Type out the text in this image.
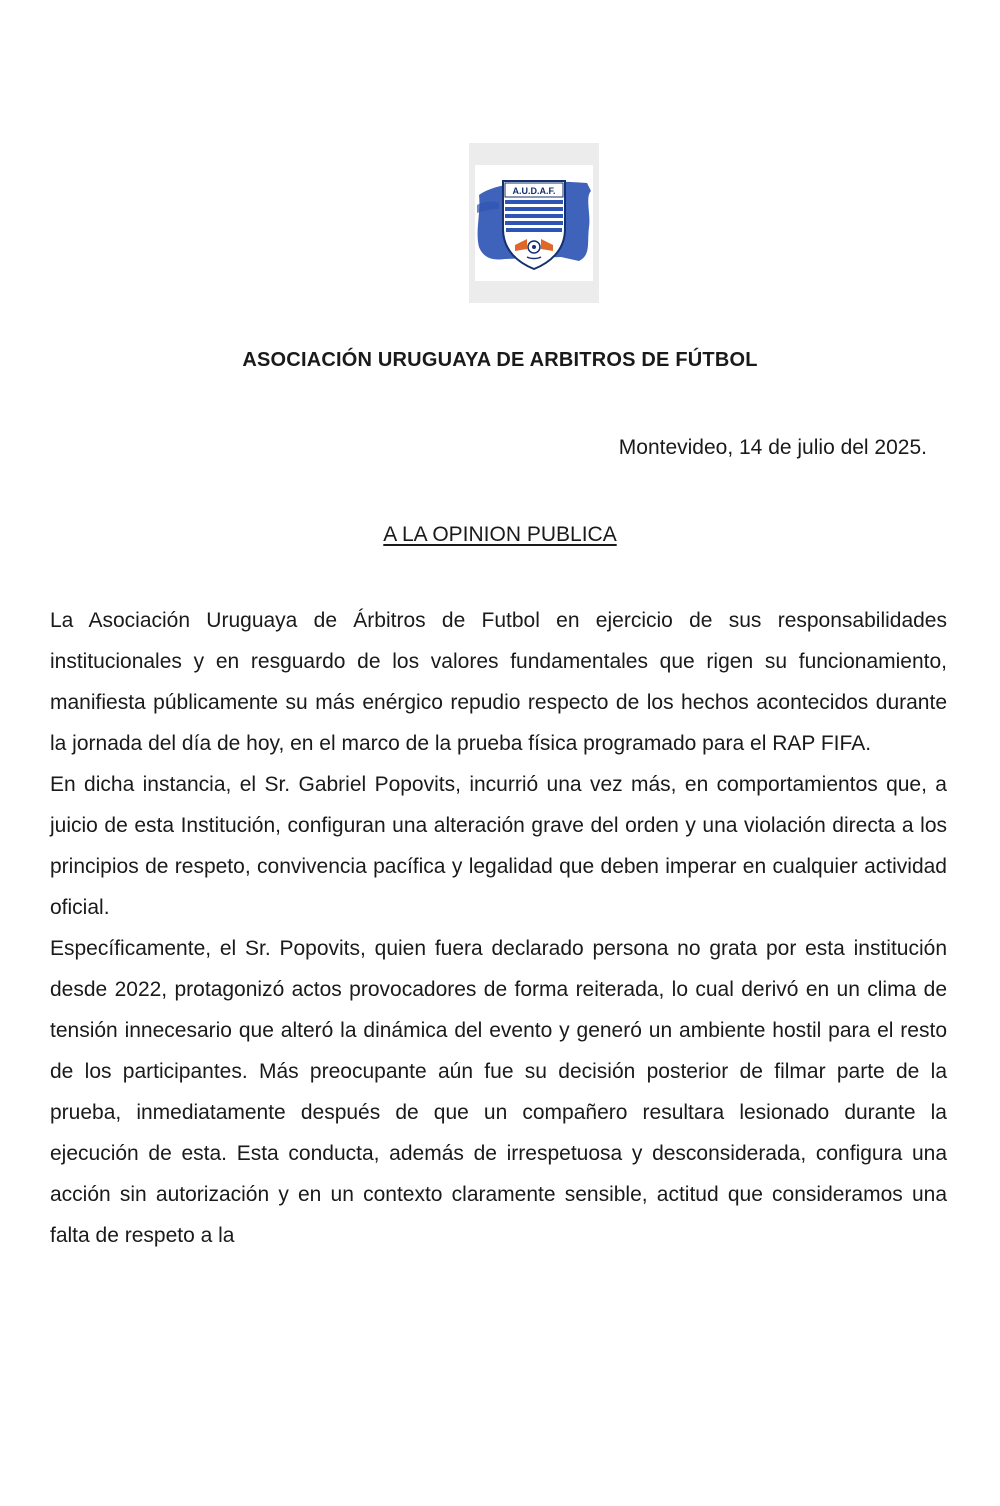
A.U.D.A.F.
ASOCIACIÓN URUGUAYA DE ARBITROS DE FÚTBOL
Montevideo, 14 de julio del 2025.
A LA OPINION PUBLICA

La Asociación Uruguaya de Árbitros de Futbol en ejercicio de sus responsabilidades institucionales y en resguardo de los valores fundamentales que rigen su funcionamiento, manifiesta públicamente su más enérgico repudio respecto de los hechos acontecidos durante la jornada del día de hoy, en el marco de la prueba física programado para el RAP FIFA.

En dicha instancia, el Sr. Gabriel Popovits, incurrió una vez más, en comportamientos que, a juicio de esta Institución, configuran una alteración grave del orden y una violación directa a los principios de respeto, convivencia pacífica y legalidad que deben imperar en cualquier actividad oficial.

Específicamente, el Sr. Popovits, quien fuera declarado persona no grata por esta institución desde 2022, protagonizó actos provocadores de forma reiterada, lo cual derivó en un clima de tensión innecesario que alteró la dinámica del evento y generó un ambiente hostil para el resto de los participantes. Más preocupante aún fue su decisión posterior de filmar parte de la prueba, inmediatamente después de que un compañero resultara lesionado durante la ejecución de esta. Esta conducta, además de irrespetuosa y desconsiderada, configura una acción sin autorización y en un contexto claramente sensible, actitud que consideramos una falta de respeto a la
